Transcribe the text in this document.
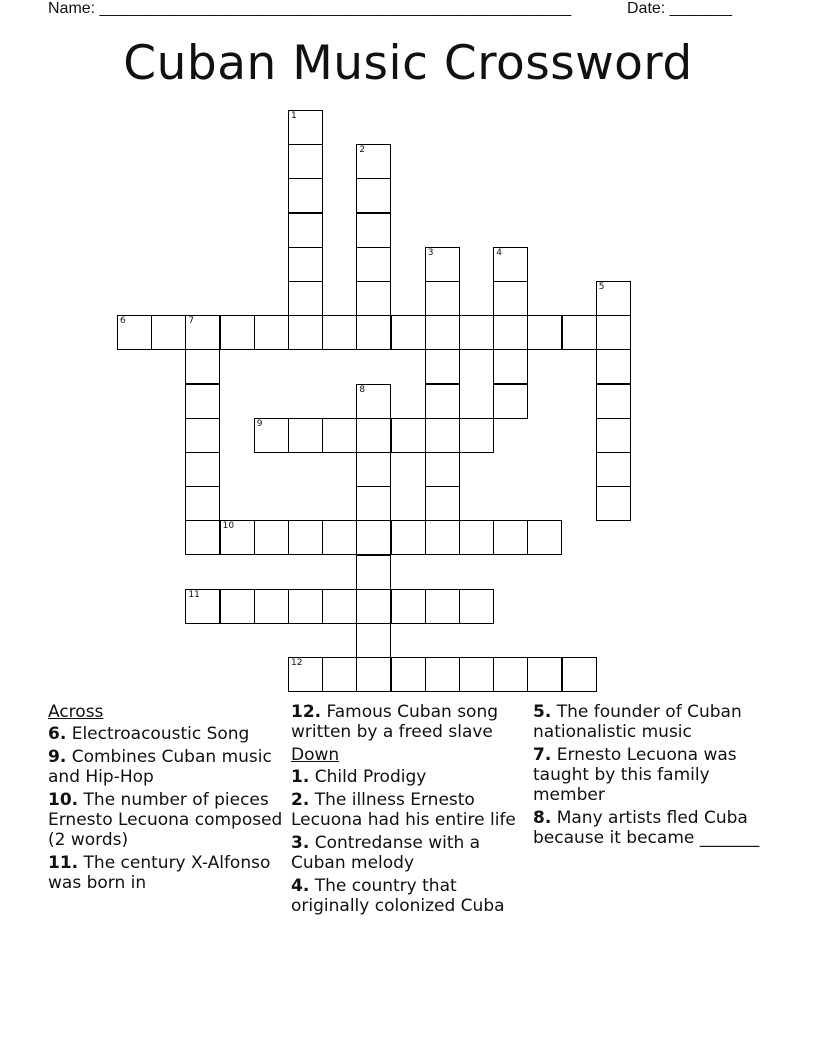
Name: _____________________________________________________	Date: _______
Cuban Music Crossword
6	7
9
10
11
12
1
2
3	4
5
8
Across
6. Electroacoustic Song
9. Combines Cuban music and Hip-Hop
10. The number of pieces Ernesto Lecuona composed (2 words)
11. The century X-Alfonso was born in
12. Famous Cuban song written by a freed slave
Down
1. Child Prodigy
2. The illness Ernesto Lecuona had his entire life
3. Contredanse with a Cuban melody
4. The country that originally colonized Cuba
5. The founder of Cuban nationalistic music
7. Ernesto Lecuona was taught by this family member
8. Many artists fled Cuba because it became _______
